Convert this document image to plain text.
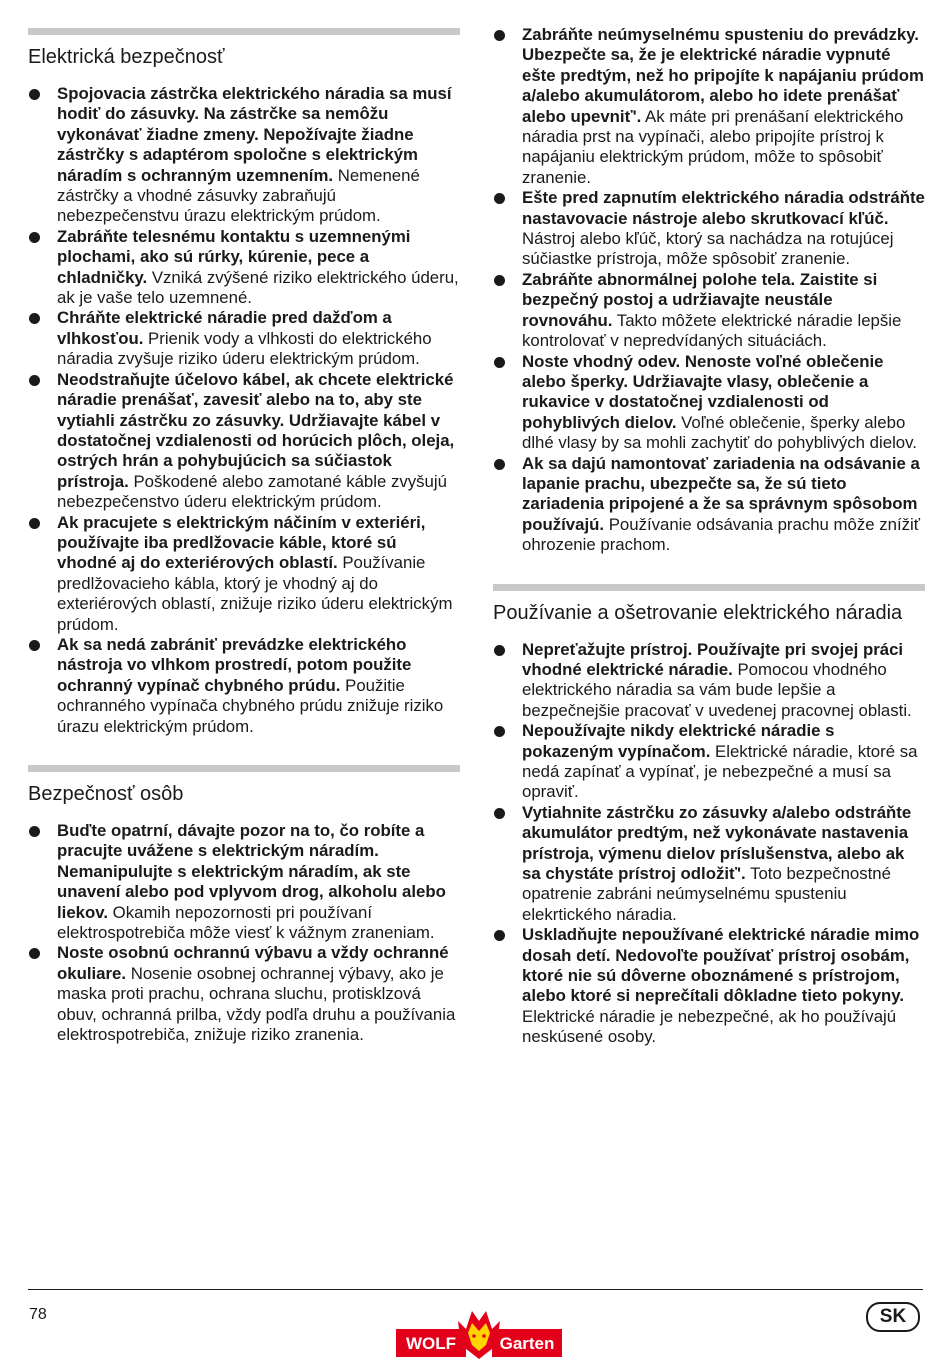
Elektrická bezpečnosť
Spojovacia zástrčka elektrického náradia sa musí hodiť do zásuvky. Na zástrčke sa nemôžu vykonávať žiadne zmeny. Nepožívajte žiadne zástrčky s adaptérom spoločne s elektrickým náradím s ochranným uzemnením. Nemenené zástrčky a vhodné zásuvky zabraňujú nebezpečenstvu úrazu elektrickým prúdom.
Zabráňte telesnému kontaktu s uzemnenými plochami, ako sú rúrky, kúrenie, pece a chladničky. Vzniká zvýšené riziko elektrického úderu, ak je vaše telo uzemnené.
Chráňte elektrické náradie pred dažďom a vlhkosťou. Prienik vody a vlhkosti do elektrického náradia zvyšuje riziko úderu elektrickým prúdom.
Neodstraňujte účelovo kábel, ak chcete elektrické náradie prenášať, zavesiť alebo na to, aby ste vytiahli zástrčku zo zásuvky. Udržiavajte kábel v dostatočnej vzdialenosti od horúcich plôch, oleja, ostrých hrán a pohybujúcich sa súčiastok prístroja. Poškodené alebo zamotané káble zvyšujú nebezpečenstvo úderu elektrickým prúdom.
Ak pracujete s elektrickým náčiním v exteriéri, používajte iba predlžovacie káble, ktoré sú vhodné aj do exteriérových oblastí. Používanie predlžovacieho kábla, ktorý je vhodný aj do exteriérových oblastí, znižuje riziko úderu elektrickým prúdom.
Ak sa nedá zabrániť prevádzke elektrického nástroja vo vlhkom prostredí, potom použite ochranný vypínač chybného prúdu. Použitie ochranného vypínača chybného prúdu znižuje riziko úrazu elektrickým prúdom.
Bezpečnosť osôb
Buďte opatrní, dávajte pozor na to, čo robíte a pracujte uvážene s elektrickým náradím. Nemanipulujte s elektrickým náradím, ak ste unavení alebo pod vplyvom drog, alkoholu alebo liekov. Okamih nepozornosti pri používaní elektrospotrebiča môže viesť k vážnym zraneniam.
Noste osobnú ochrannú výbavu a vždy ochranné okuliare. Nosenie osobnej ochrannej výbavy, ako je maska proti prachu, ochrana sluchu, protisklzová obuv, ochranná prilba, vždy podľa druhu a používania elektrospotrebiča, znižuje riziko zranenia.
Zabráňte neúmyselnému spusteniu do prevádzky. Ubezpečte sa, že je elektrické náradie vypnuté ešte predtým, než ho pripojíte k napájaniu prúdom a/alebo akumulátorom, alebo ho idete prenášať alebo upevniť'. Ak máte pri prenášaní elektrického náradia prst na vypínači, alebo pripojíte prístroj k napájaniu elektrickým prúdom, môže to spôsobiť zranenie.
Ešte pred zapnutím elektrického náradia odstráňte nastavovacie nástroje alebo skrutkovací kľúč. Nástroj alebo kľúč, ktorý sa nachádza na rotujúcej súčiastke prístroja, môže spôsobiť zranenie.
Zabráňte abnormálnej polohe tela. Zaistite si bezpečný postoj a udržiavajte neustále rovnováhu. Takto môžete elektrické náradie lepšie kontrolovať v nepredvídaných situáciách.
Noste vhodný odev. Nenoste voľné oblečenie alebo šperky. Udržiavajte vlasy, oblečenie a rukavice v dostatočnej vzdialenosti od pohyblivých dielov. Voľné oblečenie, šperky alebo dlhé vlasy by sa mohli zachytiť do pohyblivých dielov.
Ak sa dajú namontovať zariadenia na odsávanie a lapanie prachu, ubezpečte sa, že sú tieto zariadenia pripojené a že sa správnym spôsobom používajú. Používanie odsávania prachu môže znížiť ohrozenie prachom.
Používanie a ošetrovanie elektrického náradia
Nepreťažujte prístroj. Používajte pri svojej práci vhodné elektrické náradie. Pomocou vhodného elektrického náradia sa vám bude lepšie a bezpečnejšie pracovať v uvedenej pracovnej oblasti.
Nepoužívajte nikdy elektrické náradie s pokazeným vypínačom. Elektrické náradie, ktoré sa nedá zapínať a vypínať, je nebezpečné a musí sa opraviť.
Vytiahnite zástrčku zo zásuvky a/alebo odstráňte akumulátor predtým, než vykonávate nastavenia prístroja, výmenu dielov príslušenstva, alebo ak sa chystáte prístroj odložiť'. Toto bezpečnostné opatrenie zabráni neúmyselnému spusteniu elekrtického náradia.
Uskladňujte nepoužívané elektrické náradie mimo dosah detí. Nedovoľte používať prístroj osobám, ktoré nie sú dôverne oboznámené s prístrojom, alebo ktoré si neprečítali dôkladne tieto pokyny. Elektrické náradie je nebezpečné, ak ho používajú neskúsené osoby.
78
WOLF	Garten
SK
